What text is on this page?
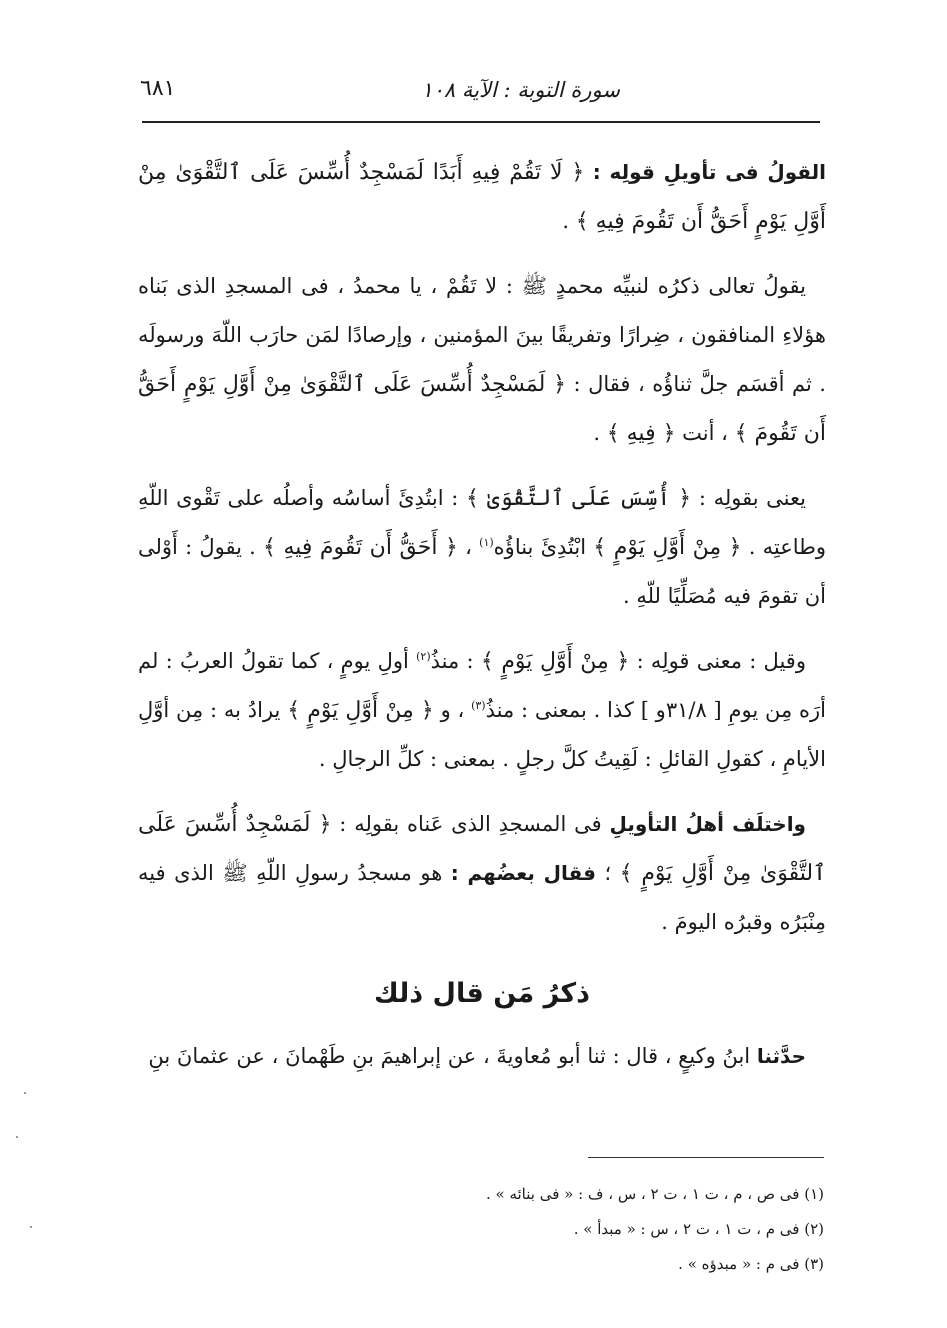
سورة التوبة : الآية ١٠٨
٦٨١

القولُ فى تأويلِ قولِه : ﴿ لَا تَقُمْ فِيهِ أَبَدًا لَمَسْجِدٌ أُسِّسَ عَلَى ٱلتَّقْوَىٰ مِنْ أَوَّلِ يَوْمٍ أَحَقُّ أَن تَقُومَ فِيهِ ﴾ .

يقولُ تعالى ذكرُه لنبيِّه محمدٍ ﷺ : لا تَقُمْ ، يا محمدُ ، فى المسجدِ الذى بَناه هؤلاءِ المنافقون ، ضِرارًا وتفريقًا بينَ المؤمنين ، وإرصادًا لمَن حارَب اللّهَ ورسولَه . ثم أقسَم جلَّ ثناؤُه ، فقال : ﴿ لَمَسْجِدٌ أُسِّسَ عَلَى ٱلتَّقْوَىٰ مِنْ أَوَّلِ يَوْمٍ أَحَقُّ أَن تَقُومَ ﴾ ، أنت ﴿ فِيهِ ﴾ .

يعنى بقولِه : ﴿ أُسِّسَ عَلَى ٱلتَّقْوَىٰ ﴾ : ابتُدِئَ أساسُه وأصلُه على تَقْوى اللّهِ وطاعتِه . ﴿ مِنْ أَوَّلِ يَوْمٍ ﴾ ابْتُدِئَ بناؤُه$^{(١)}$ ، ﴿ أَحَقُّ أَن تَقُومَ فِيهِ ﴾ . يقولُ : أَوْلى أن تقومَ فيه مُصَلِّيًا للّهِ .

وقيل : معنى قولِه : ﴿ مِنْ أَوَّلِ يَوْمٍ ﴾ : منذُ$^{(٢)}$ أولِ يومٍ ، كما تقولُ العربُ : لم أرَه مِن يومِ [ ٣١/٨و ] كذا . بمعنى : منذُ$^{(٣)}$ ، و ﴿ مِنْ أَوَّلِ يَوْمٍ ﴾ يرادُ به : مِن أوَّلِ الأيامِ ، كقولِ القائلِ : لَقِيتُ كلَّ رجلٍ . بمعنى : كلِّ الرجالِ .

واختلَف أهلُ التأويلِ فى المسجدِ الذى عَناه بقولِه : ﴿ لَمَسْجِدٌ أُسِّسَ عَلَى ٱلتَّقْوَىٰ مِنْ أَوَّلِ يَوْمٍ ﴾ ؛ فقال بعضُهم : هو مسجدُ رسولِ اللّهِ ﷺ الذى فيه مِنْبَرُه وقبرُه اليومَ .

ذكرُ مَن قال ذلك

حدَّثنا ابنُ وكيعٍ ، قال : ثنا أبو مُعاويةَ ، عن إبراهيمَ بنِ طَهْمانَ ، عن عثمانَ بنِ

(١) فى ص ، م ، ت ١ ، ت ٢ ، س ، ف : « فى بنائه » .

(٢) فى م ، ت ١ ، ت ٢ ، س : « مبدأ » .

(٣) فى م : « مبدؤه » .
